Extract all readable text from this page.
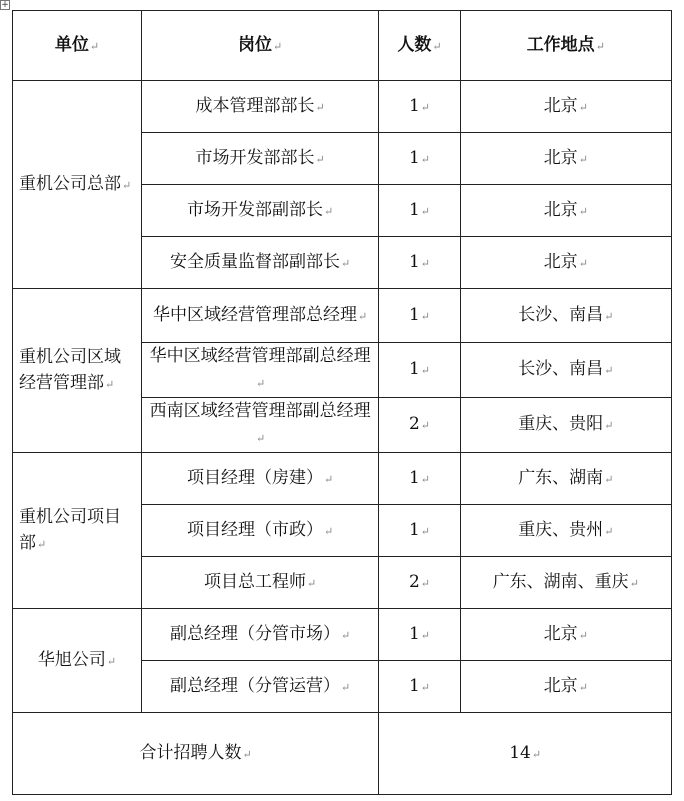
+
单位↵	岗位↵	人数↵	工作地点↵
重机公司总部↵	成本管理部部长↵	1↵	北京↵
	市场开发部部长↵	1↵	北京↵
	市场开发部副部长↵	1↵	北京↵
	安全质量监督部副部长↵	1↵	北京↵
重机公司区域经营管理部↵	华中区域经营管理部总经理↵	1↵	长沙、南昌↵
	华中区域经营管理部副总经理↵	1↵	长沙、南昌↵
	西南区域经营管理部副总经理↵	2↵	重庆、贵阳↵
重机公司项目部↵	项目经理（房建）↵	1↵	广东、湖南↵
	项目经理（市政）↵	1↵	重庆、贵州↵
	项目总工程师↵	2↵	广东、湖南、重庆↵
华旭公司↵	副总经理（分管市场）↵	1↵	北京↵
	副总经理（分管运营）↵	1↵	北京↵
合计招聘人数↵		14↵	
